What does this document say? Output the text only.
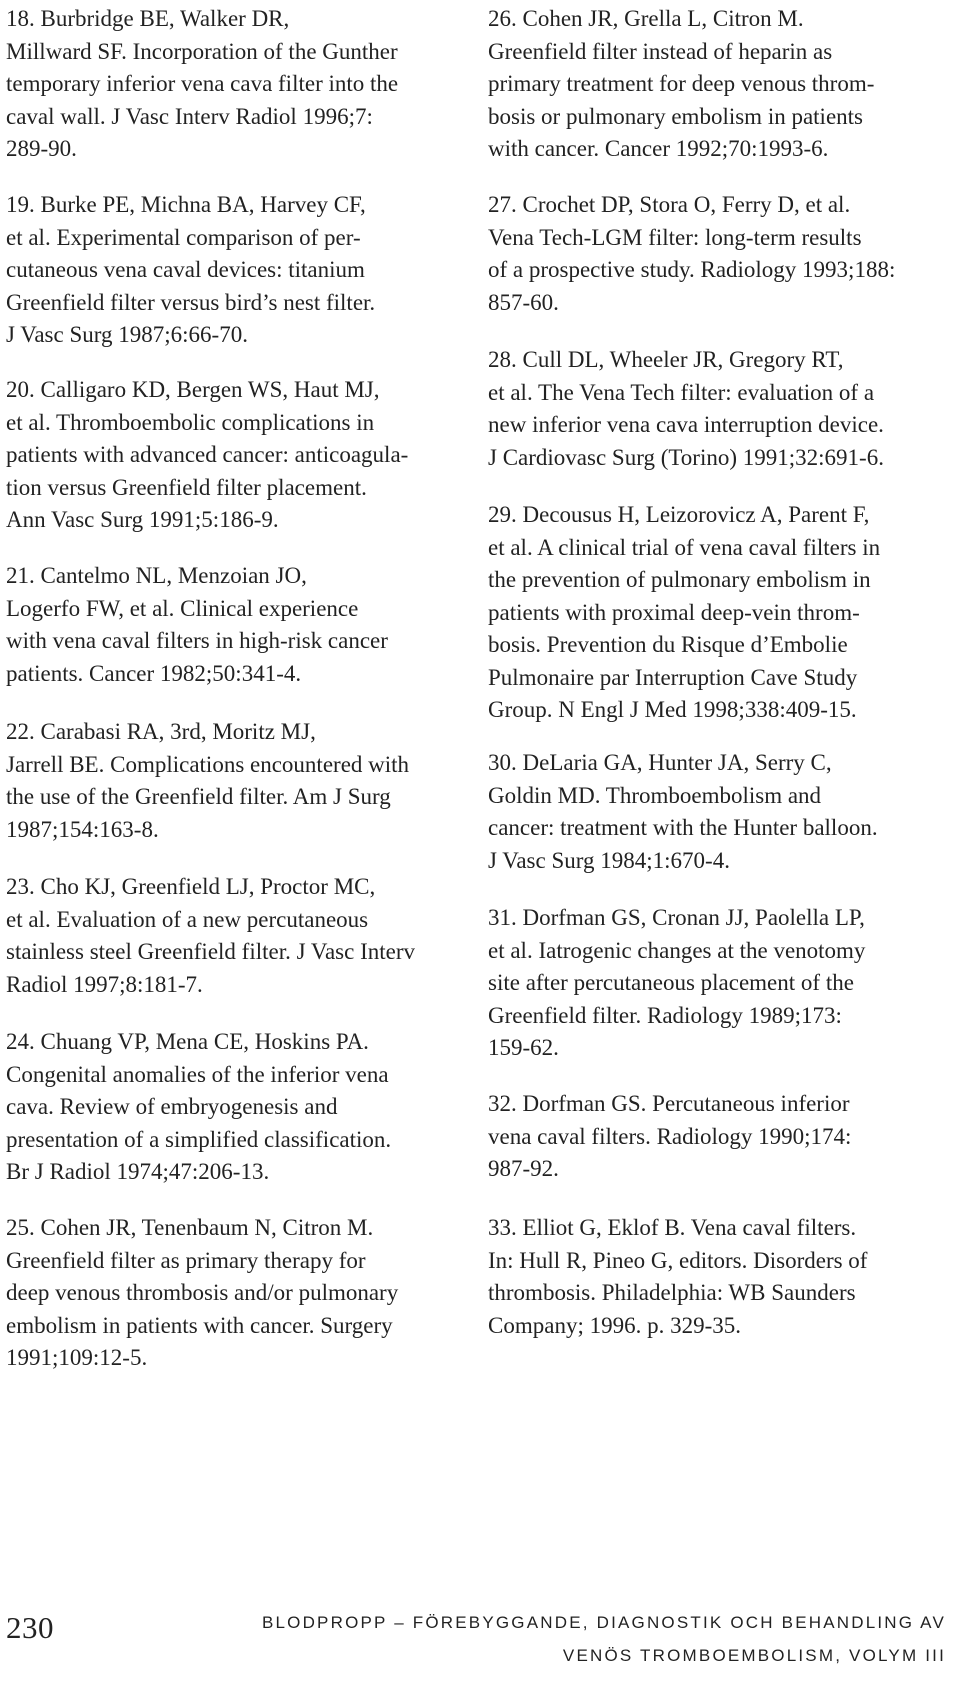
18. Burbridge BE, Walker DR,
Millward SF. Incorporation of the Gunther
temporary inferior vena cava filter into the
caval wall. J Vasc Interv Radiol 1996;7:
289-90.

19. Burke PE, Michna BA, Harvey CF,
et al. Experimental comparison of per-
cutaneous vena caval devices: titanium
Greenfield filter versus bird’s nest filter.
J Vasc Surg 1987;6:66-70.

20. Calligaro KD, Bergen WS, Haut MJ,
et al. Thromboembolic complications in
patients with advanced cancer: anticoagula-
tion versus Greenfield filter placement.
Ann Vasc Surg 1991;5:186-9.

21. Cantelmo NL, Menzoian JO,
Logerfo FW, et al. Clinical experience
with vena caval filters in high-risk cancer
patients. Cancer 1982;50:341-4.

22. Carabasi RA, 3rd, Moritz MJ,
Jarrell BE. Complications encountered with
the use of the Greenfield filter. Am J Surg
1987;154:163-8.

23. Cho KJ, Greenfield LJ, Proctor MC,
et al. Evaluation of a new percutaneous
stainless steel Greenfield filter. J Vasc Interv
Radiol 1997;8:181-7.

24. Chuang VP, Mena CE, Hoskins PA.
Congenital anomalies of the inferior vena
cava. Review of embryogenesis and
presentation of a simplified classification.
Br J Radiol 1974;47:206-13.

25. Cohen JR, Tenenbaum N, Citron M.
Greenfield filter as primary therapy for
deep venous thrombosis and/or pulmonary
embolism in patients with cancer. Surgery
1991;109:12-5.

26. Cohen JR, Grella L, Citron M.
Greenfield filter instead of heparin as
primary treatment for deep venous throm-
bosis or pulmonary embolism in patients
with cancer. Cancer 1992;70:1993-6.

27. Crochet DP, Stora O, Ferry D, et al.
Vena Tech-LGM filter: long-term results
of a prospective study. Radiology 1993;188:
857-60.

28. Cull DL, Wheeler JR, Gregory RT,
et al. The Vena Tech filter: evaluation of a
new inferior vena cava interruption device.
J Cardiovasc Surg (Torino) 1991;32:691-6.

29. Decousus H, Leizorovicz A, Parent F,
et al. A clinical trial of vena caval filters in
the prevention of pulmonary embolism in
patients with proximal deep-vein throm-
bosis. Prevention du Risque d’Embolie
Pulmonaire par Interruption Cave Study
Group. N Engl J Med 1998;338:409-15.

30. DeLaria GA, Hunter JA, Serry C,
Goldin MD. Thromboembolism and
cancer: treatment with the Hunter balloon.
J Vasc Surg 1984;1:670-4.

31. Dorfman GS, Cronan JJ, Paolella LP,
et al. Iatrogenic changes at the venotomy
site after percutaneous placement of the
Greenfield filter. Radiology 1989;173:
159-62.

32. Dorfman GS. Percutaneous inferior
vena caval filters. Radiology 1990;174:
987-92.

33. Elliot G, Eklof B. Vena caval filters.
In: Hull R, Pineo G, editors. Disorders of
thrombosis. Philadelphia: WB Saunders
Company; 1996. p. 329-35.

230	BLODPROPP – FÖREBYGGANDE, DIAGNOSTIK OCH BEHANDLING AV
VENÖS TROMBOEMBOLISM, VOLYM III
